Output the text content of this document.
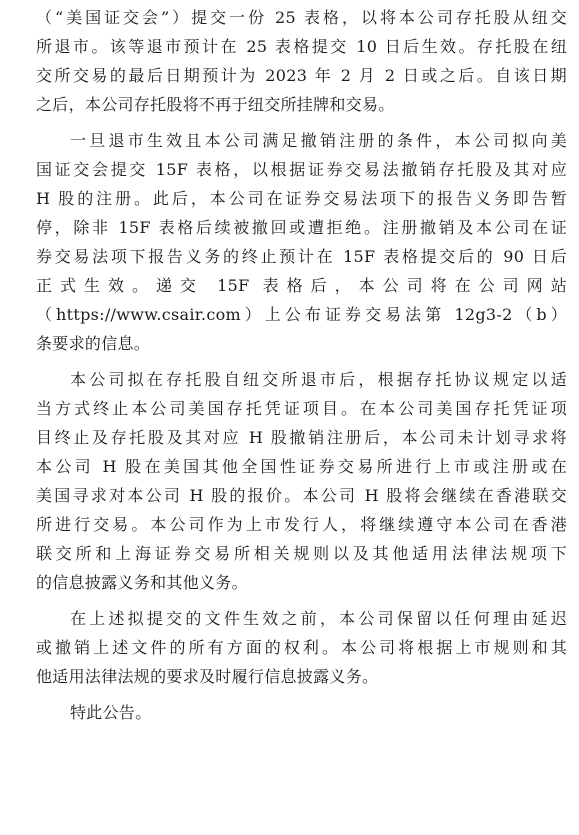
（“美国证交会”）提交一份 25 表格，以将本公司存托股从纽交
所退市。该等退市预计在 25 表格提交 10 日后生效。存托股在纽
交所交易的最后日期预计为 2023 年 2 月 2 日或之后。自该日期
之后，本公司存托股将不再于纽交所挂牌和交易。
一旦退市生效且本公司满足撤销注册的条件，本公司拟向美
国证交会提交 15F 表格，以根据证券交易法撤销存托股及其对应
H 股的注册。此后，本公司在证券交易法项下的报告义务即告暂
停，除非 15F 表格后续被撤回或遭拒绝。注册撤销及本公司在证
券交易法项下报告义务的终止预计在 15F 表格提交后的 90 日后
正式生效。递交 15F 表格后，本公司将在公司网站
（https://www.csair.com）上公布证券交易法第 12g3-2（b）
条要求的信息。
本公司拟在存托股自纽交所退市后，根据存托协议规定以适
当方式终止本公司美国存托凭证项目。在本公司美国存托凭证项
目终止及存托股及其对应 H 股撤销注册后，本公司未计划寻求将
本公司 H 股在美国其他全国性证券交易所进行上市或注册或在
美国寻求对本公司 H 股的报价。本公司 H 股将会继续在香港联交
所进行交易。本公司作为上市发行人，将继续遵守本公司在香港
联交所和上海证券交易所相关规则以及其他适用法律法规项下
的信息披露义务和其他义务。
在上述拟提交的文件生效之前，本公司保留以任何理由延迟
或撤销上述文件的所有方面的权利。本公司将根据上市规则和其
他适用法律法规的要求及时履行信息披露义务。
特此公告。
